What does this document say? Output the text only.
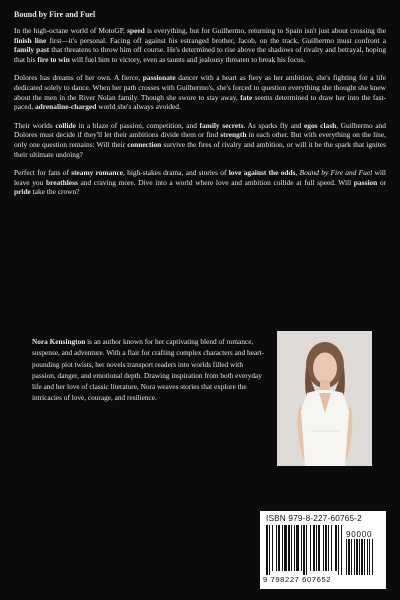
Bound by Fire and Fuel

In the high-octane world of MotoGP, speed is everything, but for Guilhermo, returning to Spain isn't just about crossing the finish line first—it's personal. Facing off against his estranged brother, Jacob, on the track, Guilhermo must confront a family past that threatens to throw him off course. He's determined to rise above the shadows of rivalry and betrayal, hoping that his fire to win will fuel him to victory, even as taunts and jealousy threaten to break his focus.

Dolores has dreams of her own. A fierce, passionate dancer with a heart as fiery as her ambition, she's fighting for a life dedicated solely to dance. When her path crosses with Guilhermo's, she's forced to question everything she thought she knew about the men in the River Nolan family. Though she swore to stay away, fate seems determined to draw her into the fast-paced, adrenaline-charged world she's always avoided.

Their worlds collide in a blaze of passion, competition, and family secrets. As sparks fly and egos clash, Guilhermo and Dolores must decide if they'll let their ambitions divide them or find strength in each other. But with everything on the line, only one question remains: Will their connection survive the fires of rivalry and ambition, or will it be the spark that ignites their ultimate undoing?

Perfect for fans of steamy romance, high-stakes drama, and stories of love against the odds, Bound by Fire and Fuel will leave you breathless and craving more. Dive into a world where love and ambition collide at full speed. Will passion or pride take the crown?

Nora Kensington is an author known for her captivating blend of romance, suspense, and adventure. With a flair for crafting complex characters and heart-pounding plot twists, her novels transport readers into worlds filled with passion, danger, and emotional depth. Drawing inspiration from both everyday life and her love of classic literature, Nora weaves stories that explore the intricacies of love, courage, and resilience.

ISBN 979-8-227-60765-2
90000
9 798227 607652
